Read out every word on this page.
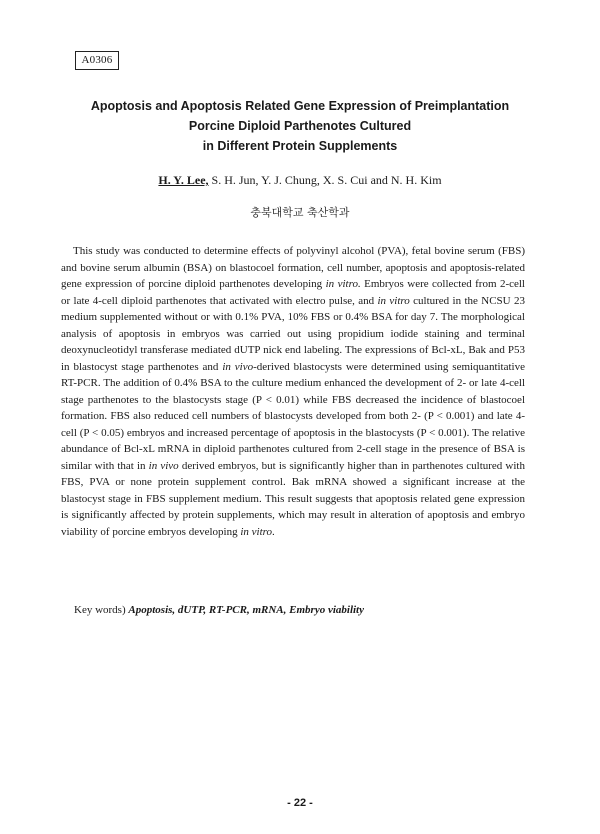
A0306
Apoptosis and Apoptosis Related Gene Expression of Preimplantation
Porcine Diploid Parthenotes Cultured
in Different Protein Supplements
H. Y. Lee, S. H. Jun, Y. J. Chung, X. S. Cui and N. H. Kim
충북대학교 축산학과

This study was conducted to determine effects of polyvinyl alcohol (PVA), fetal bovine serum (FBS) and bovine serum albumin (BSA) on blastocoel formation, cell number, apoptosis and apoptosis-related gene expression of porcine diploid parthenotes developing in vitro. Embryos were collected from 2-cell or late 4-cell diploid parthenotes that activated with electro pulse, and in vitro cultured in the NCSU 23 medium supplemented without or with 0.1% PVA, 10% FBS or 0.4% BSA for day 7. The morphological analysis of apoptosis in embryos was carried out using propidium iodide staining and terminal deoxynucleotidyl transferase mediated dUTP nick end labeling. The expressions of Bcl-xL, Bak and P53 in blastocyst stage parthenotes and in vivo-derived blastocysts were determined using semiquantitative RT-PCR. The addition of 0.4% BSA to the culture medium enhanced the development of 2- or late 4-cell stage parthenotes to the blastocysts stage (P < 0.01) while FBS decreased the incidence of blastocoel formation. FBS also reduced cell numbers of blastocysts developed from both 2- (P < 0.001) and late 4-cell (P < 0.05) embryos and increased percentage of apoptosis in the blastocysts (P < 0.001). The relative abundance of Bcl-xL mRNA in diploid parthenotes cultured from 2-cell stage in the presence of BSA is similar with that in in vivo derived embryos, but is significantly higher than in parthenotes cultured with FBS, PVA or none protein supplement control. Bak mRNA showed a significant increase at the blastocyst stage in FBS supplement medium. This result suggests that apoptosis related gene expression is significantly affected by protein supplements, which may result in alteration of apoptosis and embryo viability of porcine embryos developing in vitro.

Key words) Apoptosis, dUTP, RT-PCR, mRNA, Embryo viability
- 22 -
